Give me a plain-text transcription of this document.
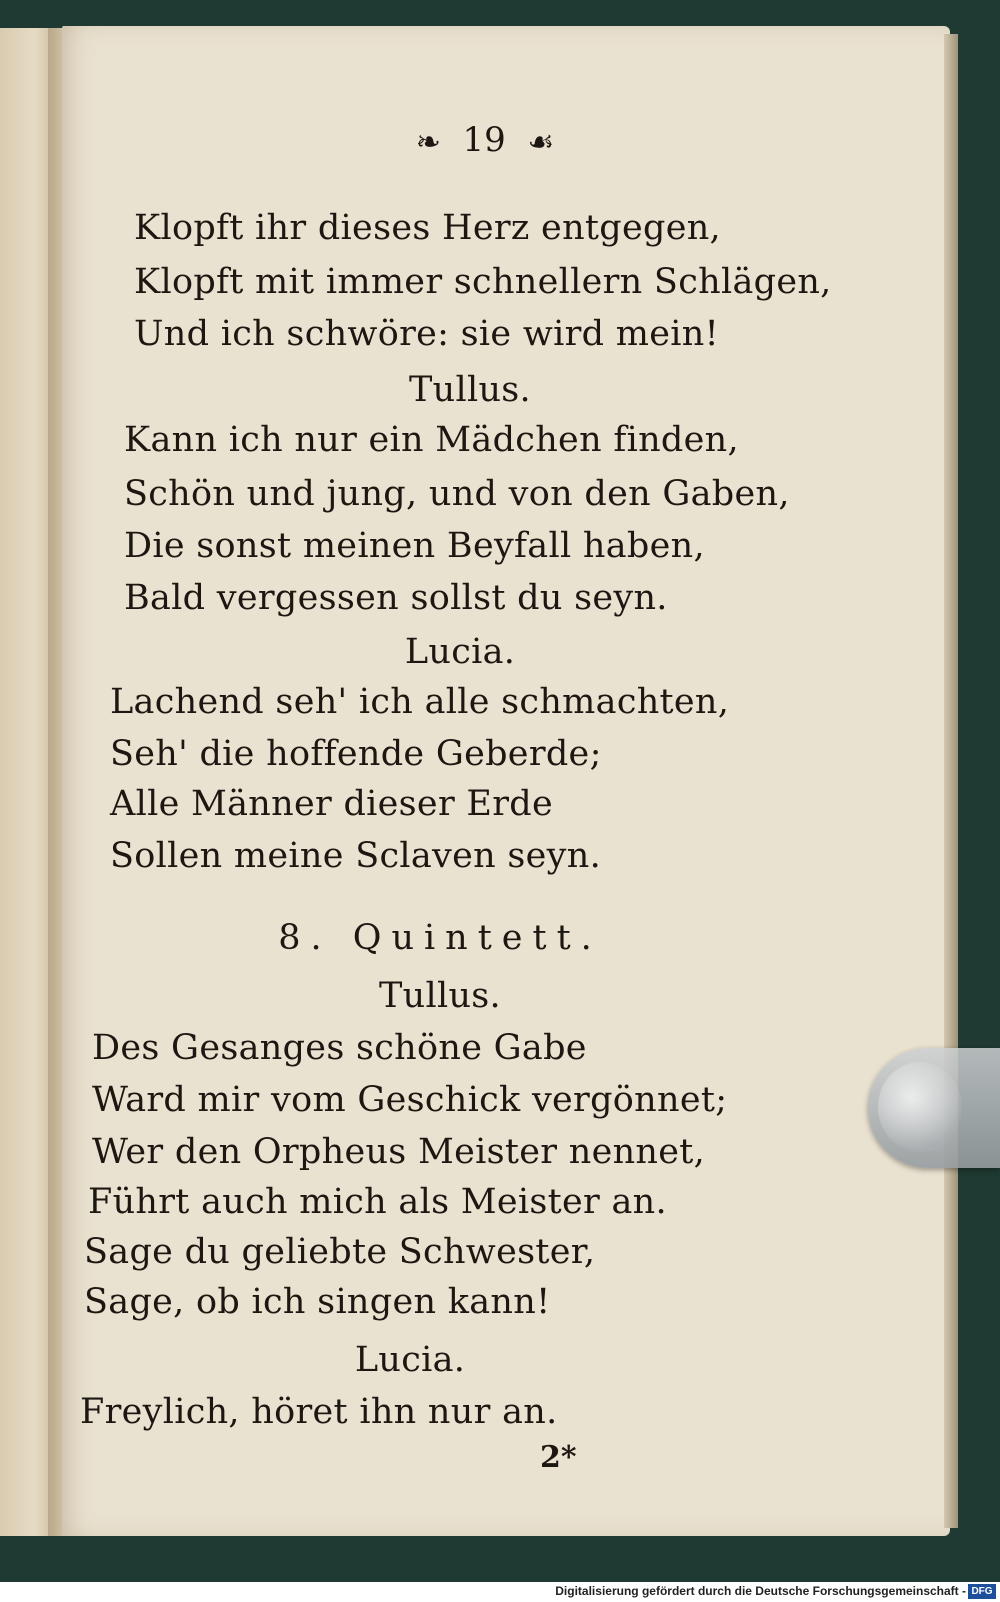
❧ 19 ☙
Klopft ihr dieses Herz entgegen,
Klopft mit immer schnellern Schlägen,
Und ich schwöre: sie wird mein!
Tullus.
Kann ich nur ein Mädchen finden,
Schön und jung, und von den Gaben,
Die sonst meinen Beyfall haben,
Bald vergessen sollst du seyn.
Lucia.
Lachend seh' ich alle schmachten,
Seh' die hoffende Geberde;
Alle Männer dieser Erde
Sollen meine Sclaven seyn.
8. Quintett.
Tullus.
Des Gesanges schöne Gabe
Ward mir vom Geschick vergönnet;
Wer den Orpheus Meister nennet,
Führt auch mich als Meister an.
Sage du geliebte Schwester,
Sage, ob ich singen kann!
Lucia.
Freylich, höret ihn nur an.
2*
Digitalisierung gefördert durch die Deutsche Forschungsgemeinschaft - DFG
